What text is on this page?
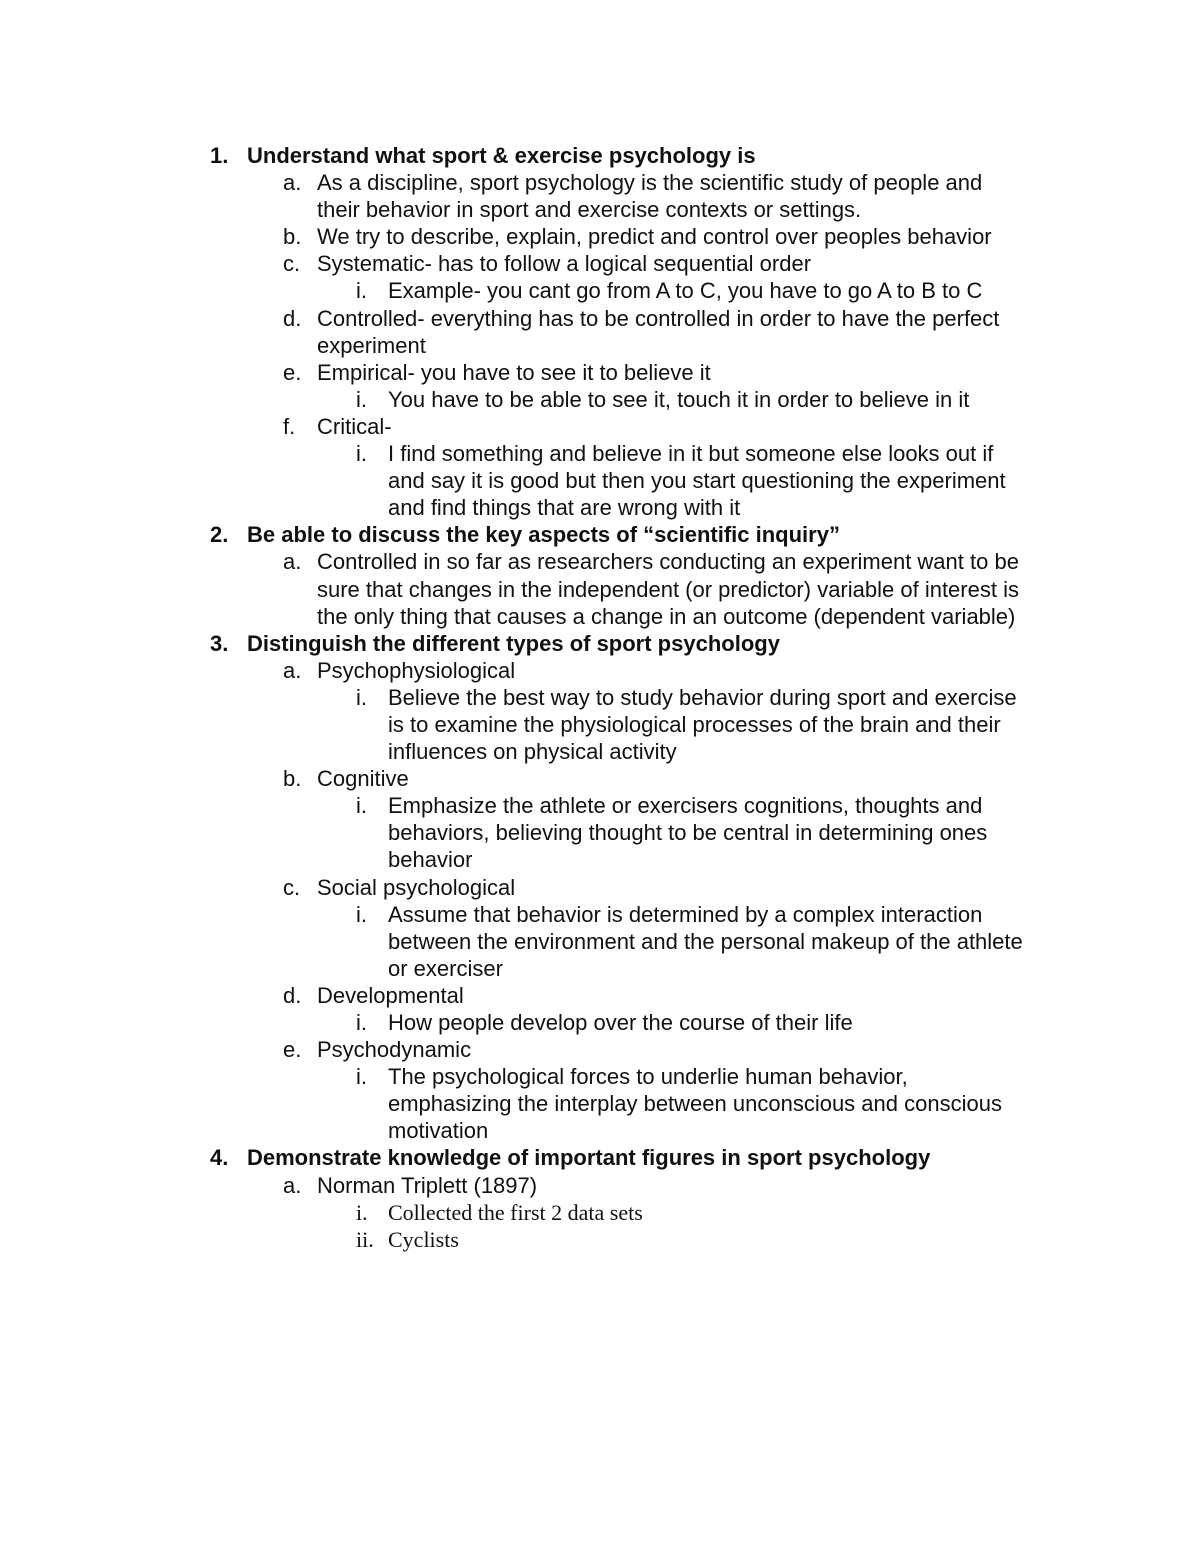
1. Understand what sport & exercise psychology is
a. As a discipline, sport psychology is the scientific study of people and their behavior in sport and exercise contexts or settings.
b. We try to describe, explain, predict and control over peoples behavior
c. Systematic- has to follow a logical sequential order
i. Example- you cant go from A to C, you have to go A to B to C
d. Controlled- everything has to be controlled in order to have the perfect experiment
e. Empirical- you have to see it to believe it
i. You have to be able to see it, touch it in order to believe in it
f. Critical-
i. I find something and believe in it but someone else looks out if and say it is good but then you start questioning the experiment and find things that are wrong with it
2. Be able to discuss the key aspects of “scientific inquiry”
a. Controlled in so far as researchers conducting an experiment want to be sure that changes in the independent (or predictor) variable of interest is the only thing that causes a change in an outcome (dependent variable)
3. Distinguish the different types of sport psychology
a. Psychophysiological
i. Believe the best way to study behavior during sport and exercise is to examine the physiological processes of the brain and their influences on physical activity
b. Cognitive
i. Emphasize the athlete or exercisers cognitions, thoughts and behaviors, believing thought to be central in determining ones behavior
c. Social psychological
i. Assume that behavior is determined by a complex interaction between the environment and the personal makeup of the athlete or exerciser
d. Developmental
i. How people develop over the course of their life
e. Psychodynamic
i. The psychological forces to underlie human behavior, emphasizing the interplay between unconscious and conscious motivation
4. Demonstrate knowledge of important figures in sport psychology
a. Norman Triplett (1897)
i. Collected the first 2 data sets
ii. Cyclists
